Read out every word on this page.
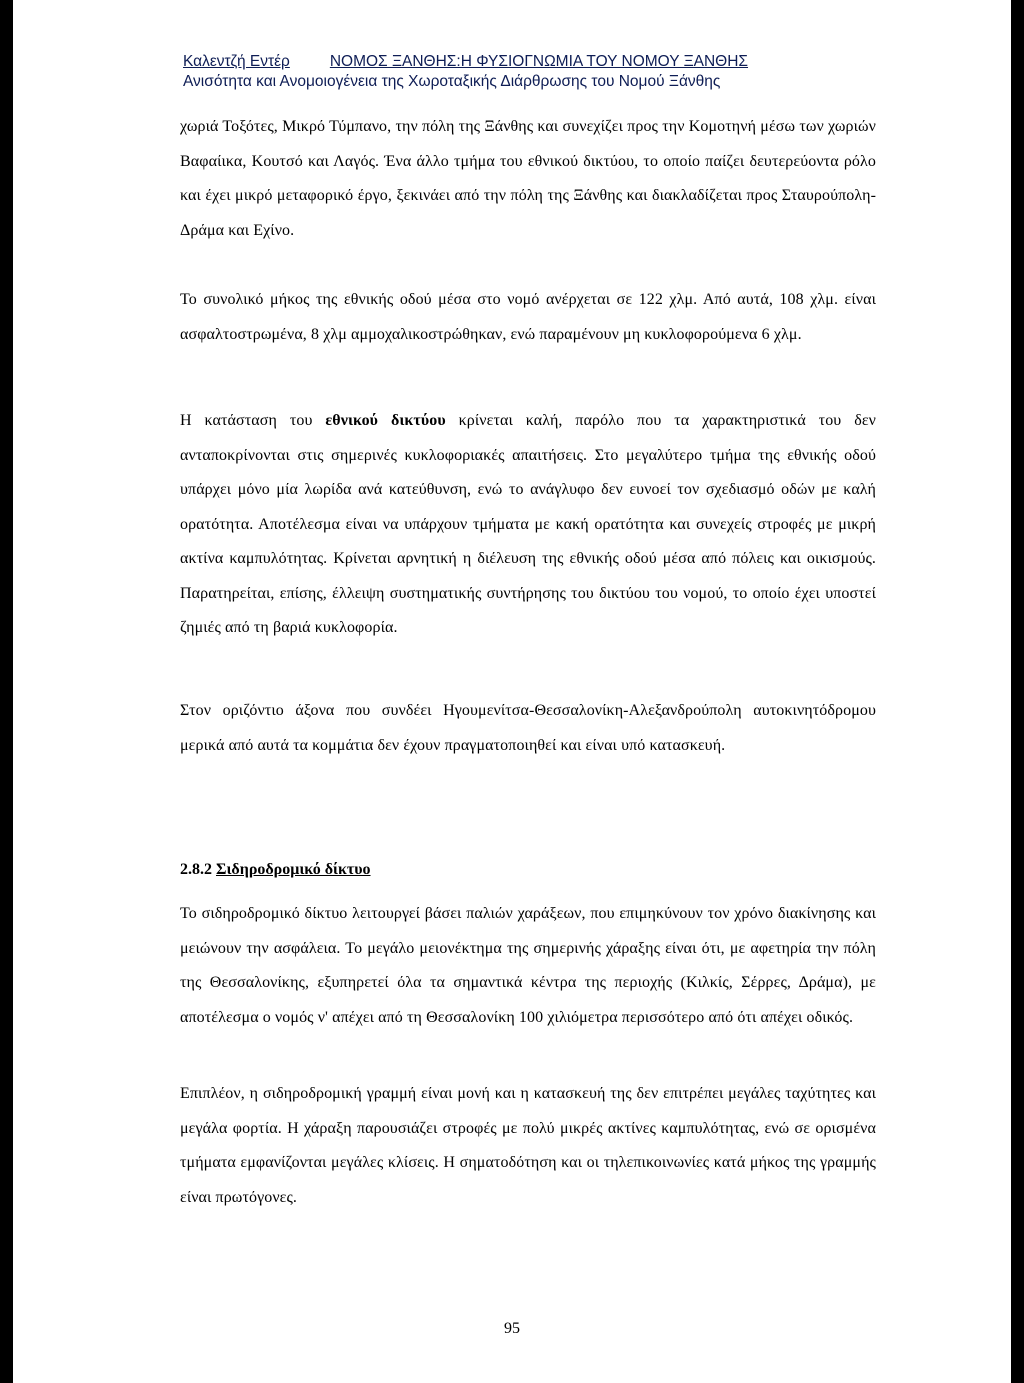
Καλεντζή Εντέρ	ΝΟΜΟΣ ΞΑΝΘΗΣ:Η ΦΥΣΙΟΓΝΩΜΙΑ ΤΟΥ ΝΟΜΟΥ ΞΑΝΘΗΣ
Ανισότητα και Ανομοιογένεια της Χωροταξικής Διάρθρωσης του Νομού Ξάνθης

χωριά Τοξότες, Μικρό Τύμπανο, την πόλη της Ξάνθης και συνεχίζει προς την Κομοτηνή μέσω των χωριών Βαφαίικα, Κουτσό και Λαγός. Ένα άλλο τμήμα του εθνικού δικτύου, το οποίο παίζει δευτερεύοντα ρόλο και έχει μικρό μεταφορικό έργο, ξεκινάει από την πόλη της Ξάνθης και διακλαδίζεται προς Σταυρούπολη- Δράμα και Εχίνο.

Το συνολικό μήκος της εθνικής οδού μέσα στο νομό ανέρχεται σε 122 χλμ. Από αυτά, 108 χλμ. είναι ασφαλτοστρωμένα, 8 χλμ αμμοχαλικοστρώθηκαν, ενώ παραμένουν μη κυκλοφορούμενα 6 χλμ.

Η κατάσταση του εθνικού δικτύου κρίνεται καλή, παρόλο που τα χαρακτηριστικά του δεν ανταποκρίνονται στις σημερινές κυκλοφοριακές απαιτήσεις. Στο μεγαλύτερο τμήμα της εθνικής οδού υπάρχει μόνο μία λωρίδα ανά κατεύθυνση, ενώ το ανάγλυφο δεν ευνοεί τον σχεδιασμό οδών με καλή ορατότητα. Αποτέλεσμα είναι να υπάρχουν τμήματα με κακή ορατότητα και συνεχείς στροφές με μικρή ακτίνα καμπυλότητας. Κρίνεται αρνητική η διέλευση της εθνικής οδού μέσα από πόλεις και οικισμούς. Παρατηρείται, επίσης, έλλειψη συστηματικής συντήρησης του δικτύου του νομού, το οποίο έχει υποστεί ζημιές από τη βαριά κυκλοφορία.

Στον οριζόντιο άξονα που συνδέει Ηγουμενίτσα-Θεσσαλονίκη-Αλεξανδρούπολη αυτοκινητόδρομου μερικά από αυτά τα κομμάτια δεν έχουν πραγματοποιηθεί και είναι υπό κατασκευή.

2.8.2 Σιδηροδρομικό δίκτυο

Το σιδηροδρομικό δίκτυο λειτουργεί βάσει παλιών χαράξεων, που επιμηκύνουν τον χρόνο διακίνησης και μειώνουν την ασφάλεια. Το μεγάλο μειονέκτημα της σημερινής χάραξης είναι ότι, με αφετηρία την πόλη της Θεσσαλονίκης, εξυπηρετεί όλα τα σημαντικά κέντρα της περιοχής (Κιλκίς, Σέρρες, Δράμα), με αποτέλεσμα ο νομός ν' απέχει από τη Θεσσαλονίκη 100 χιλιόμετρα περισσότερο από ότι απέχει οδικός.

Επιπλέον, η σιδηροδρομική γραμμή είναι μονή και η κατασκευή της δεν επιτρέπει μεγάλες ταχύτητες και μεγάλα φορτία. Η χάραξη παρουσιάζει στροφές με πολύ μικρές ακτίνες καμπυλότητας, ενώ σε ορισμένα τμήματα εμφανίζονται μεγάλες κλίσεις. Η σηματοδότηση και οι τηλεπικοινωνίες κατά μήκος της γραμμής είναι πρωτόγονες.

95
